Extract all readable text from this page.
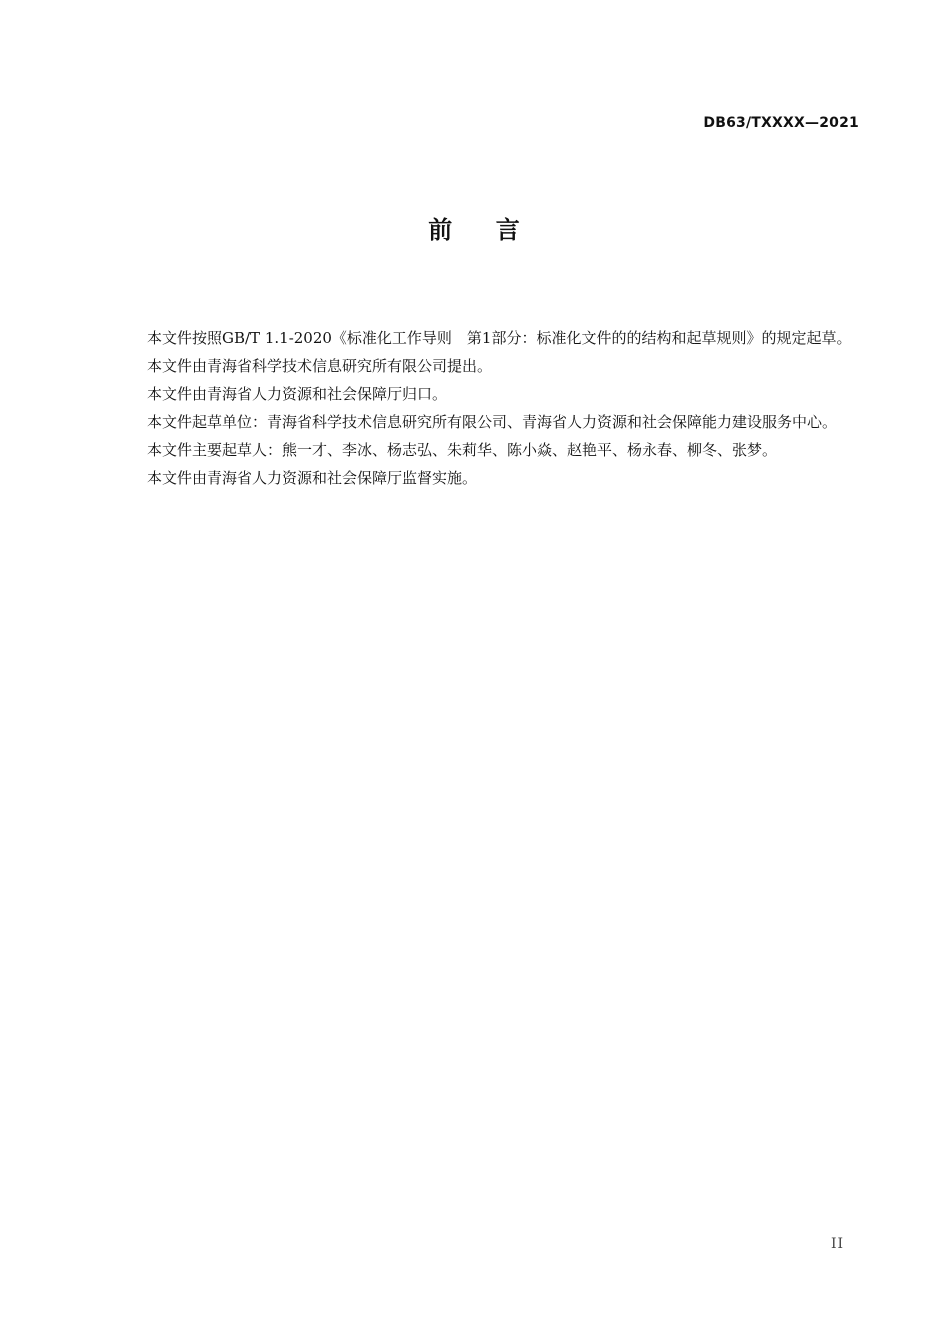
DB63/TXXXX—2021
前    言

本文件按照GB/T 1.1-2020《标准化工作导则　第1部分：标准化文件的的结构和起草规则》的规定起草。

本文件由青海省科学技术信息研究所有限公司提出。

本文件由青海省人力资源和社会保障厅归口。

本文件起草单位：青海省科学技术信息研究所有限公司、青海省人力资源和社会保障能力建设服务中心。

本文件主要起草人：熊一才、李冰、杨志弘、朱莉华、陈小焱、赵艳平、杨永春、柳冬、张梦。

本文件由青海省人力资源和社会保障厅监督实施。

II
